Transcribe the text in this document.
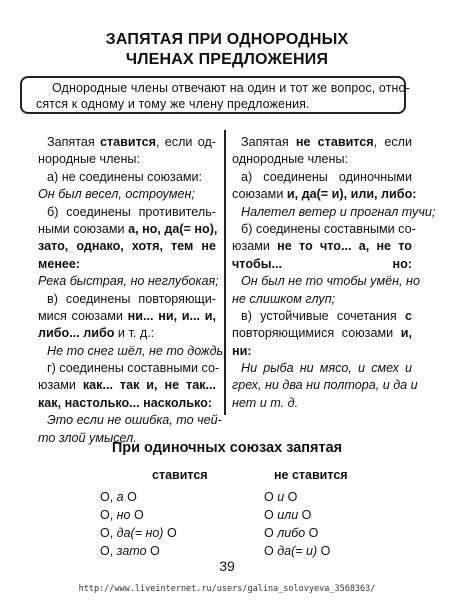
ЗАПЯТАЯ ПРИ ОДНОРОДНЫХ
ЧЛЕНАХ ПРЕДЛОЖЕНИЯ
Однородные члены отвечают на один и тот же вопрос, отно-
сятся к одному и тому же члену предложения.
Запятая ставится, если од-
нородные члены:
а) не соединены союзами:
Он был весел, остроумен;
б) соединены противитель-
ными союзами а, но, да(= но),
зато, однако, хотя, тем не
менее:
Река быстрая, но неглубокая;
в) соединены повторяющи-
мися союзами ни... ни, и... и,
либо... либо и т. д.:
Не то снег шёл, не то дождь;
г) соединены составными со-
юзами как... так и, не так...
как, настолько... насколько:
Это если не ошибка, то чей-
то злой умысел.
Запятая не ставится, если
однородные члены:
а) соединены одиночными
союзами и, да(= и), или, либо:
Налетел ветер и прогнал тучи;
б) соединены составными со-
юзами не то что... а, не то чтобы... но:
Он был не то чтобы умён, но
не слишком глуп;
в) устойчивые сочетания с
повторяющимися союзами и,
ни:
Ни рыба ни мясо, и смех и
грех, ни два ни полтора, и да и
нет и т. д.
При одиночных союзах запятая
ставится	не ставится
О, а О
О, но О
О, да(= но) О
О, зато О
О и О
О или О
О либо О
О да(= и) О
39
http://www.liveinternet.ru/users/galina_solovyeva_3568363/
